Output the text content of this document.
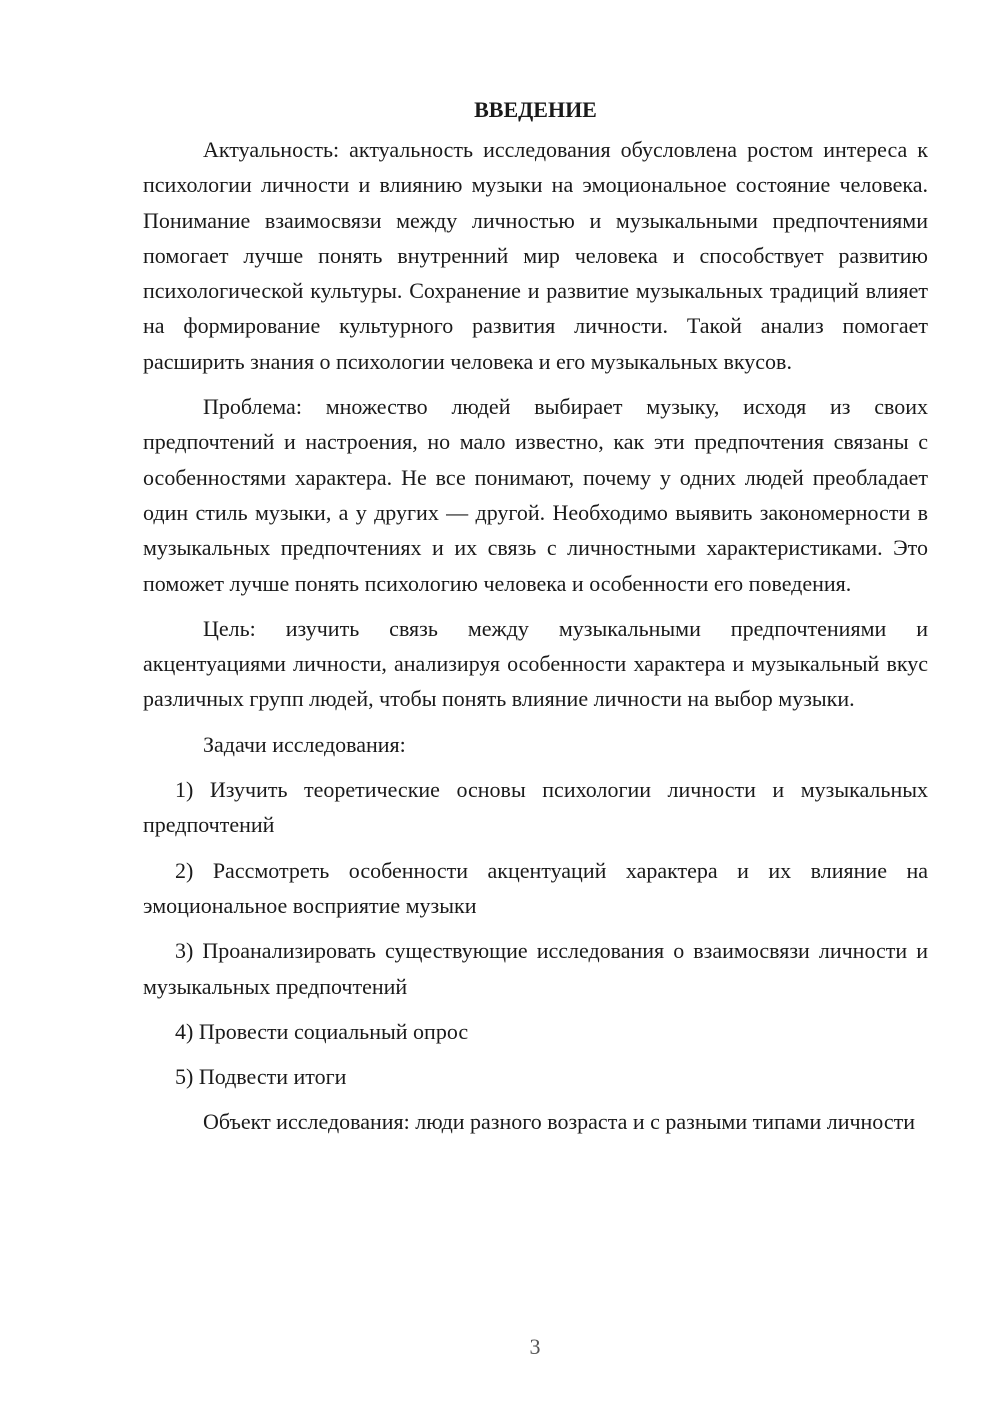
ВВЕДЕНИЕ

Актуальность: актуальность исследования обусловлена ростом интереса к психологии личности и влиянию музыки на эмоциональное состояние человека. Понимание взаимосвязи между личностью и музыкальными предпочтениями помогает лучше понять внутренний мир человека и способствует развитию психологической культуры. Сохранение и развитие музыкальных традиций влияет на формирование культурного развития личности. Такой анализ помогает расширить знания о психологии человека и его музыкальных вкусов.

Проблема: множество людей выбирает музыку, исходя из своих предпочтений и настроения, но мало известно, как эти предпочтения связаны с особенностями характера. Не все понимают, почему у одних людей преобладает один стиль музыки, а у других — другой. Необходимо выявить закономерности в музыкальных предпочтениях и их связь с личностными характеристиками. Это поможет лучше понять психологию человека и особенности его поведения.

Цель: изучить связь между музыкальными предпочтениями и акцентуациями личности, анализируя особенности характера и музыкальный вкус различных групп людей, чтобы понять влияние личности на выбор музыки.

Задачи исследования:

1) Изучить теоретические основы психологии личности и музыкальных предпочтений

2) Рассмотреть особенности акцентуаций характера и их влияние на эмоциональное восприятие музыки

3) Проанализировать существующие исследования о взаимосвязи личности и музыкальных предпочтений

4) Провести социальный опрос

5) Подвести итоги

Объект исследования: люди разного возраста и с разными типами личности

3
